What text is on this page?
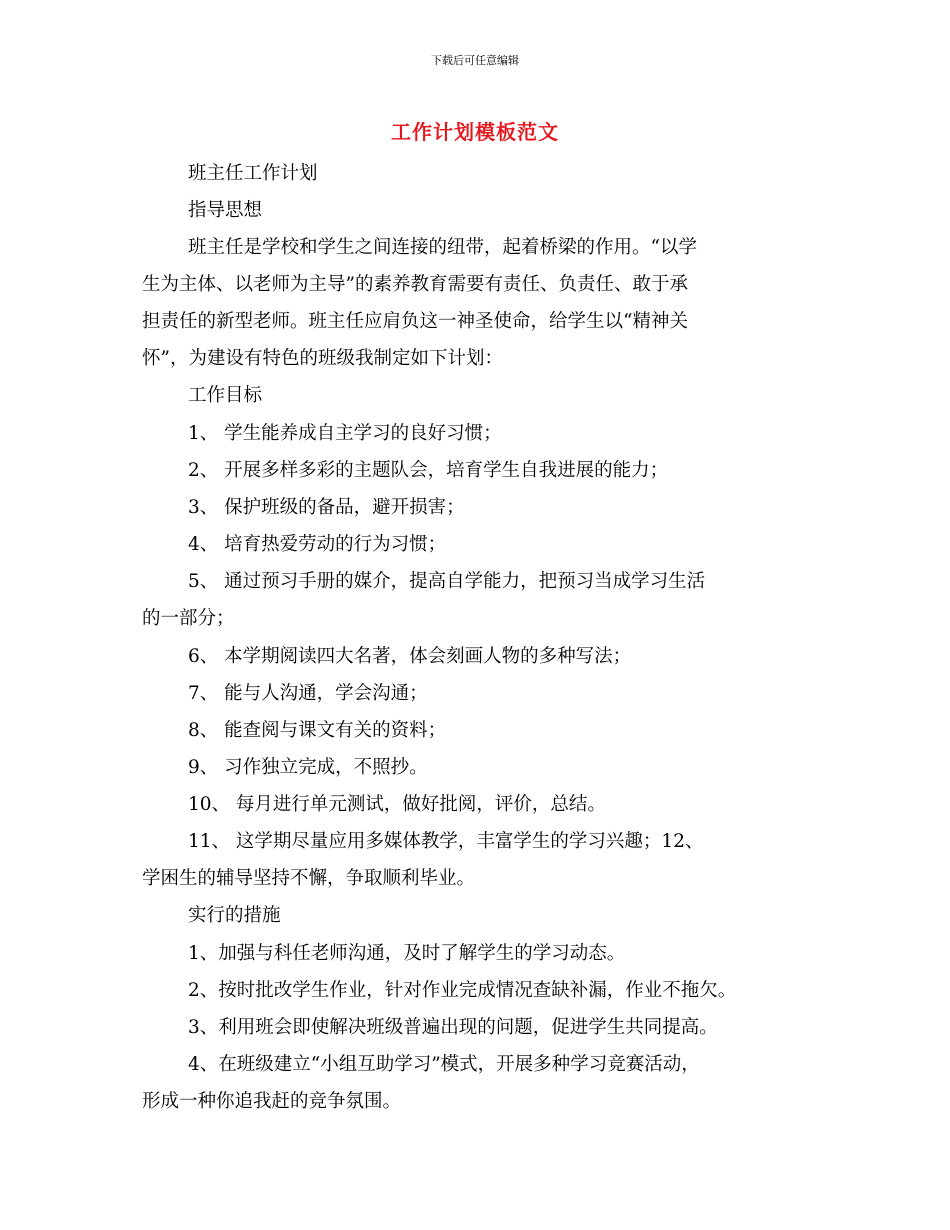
下载后可任意编辑
工作计划模板范文
班主任工作计划
指导思想
班主任是学校和学生之间连接的纽带，起着桥梁的作用。“以学
生为主体、以老师为主导”的素养教育需要有责任、负责任、敢于承
担责任的新型老师。班主任应肩负这一神圣使命，给学生以“精神关
怀”，为建设有特色的班级我制定如下计划：
工作目标
1、 学生能养成自主学习的良好习惯；
2、 开展多样多彩的主题队会，培育学生自我进展的能力；
3、 保护班级的备品，避开损害；
4、 培育热爱劳动的行为习惯；
5、 通过预习手册的媒介，提高自学能力，把预习当成学习生活
的一部分；
6、 本学期阅读四大名著，体会刻画人物的多种写法；
7、 能与人沟通，学会沟通；
8、 能查阅与课文有关的资料；
9、 习作独立完成，不照抄。
10、 每月进行单元测试，做好批阅，评价，总结。
11、 这学期尽量应用多媒体教学，丰富学生的学习兴趣；12、
学困生的辅导坚持不懈，争取顺利毕业。
实行的措施
1、加强与科任老师沟通，及时了解学生的学习动态。
2、按时批改学生作业，针对作业完成情况查缺补漏，作业不拖欠。
3、利用班会即使解决班级普遍出现的问题，促进学生共同提高。
4、在班级建立“小组互助学习”模式，开展多种学习竞赛活动，
形成一种你追我赶的竞争氛围。
